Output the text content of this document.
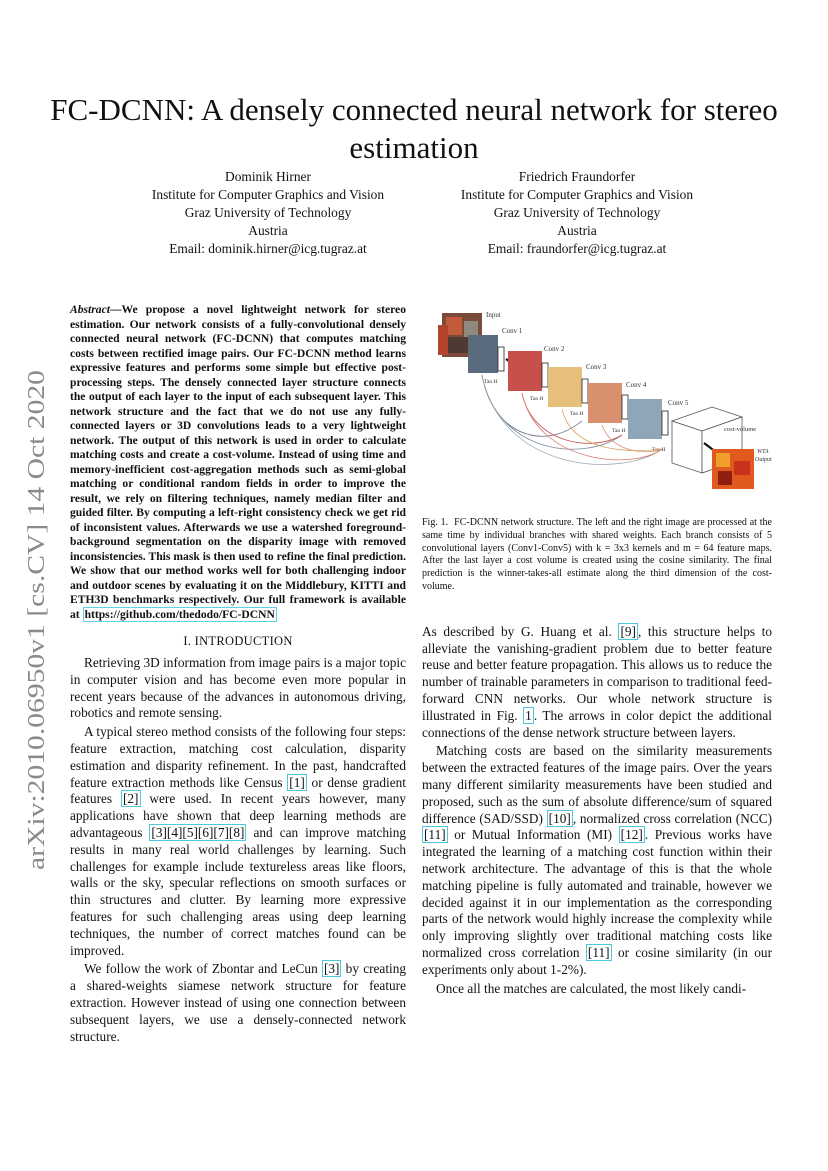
FC-DCNN: A densely connected neural network for stereo estimation
Dominik Hirner
Institute for Computer Graphics and Vision
Graz University of Technology
Austria
Email: dominik.hirner@icg.tugraz.at
Friedrich Fraundorfer
Institute for Computer Graphics and Vision
Graz University of Technology
Austria
Email: fraundorfer@icg.tugraz.at
arXiv:2010.06950v1 [cs.CV] 14 Oct 2020
Abstract—We propose a novel lightweight network for stereo estimation. Our network consists of a fully-convolutional densely connected neural network (FC-DCNN) that computes matching costs between rectified image pairs. Our FC-DCNN method learns expressive features and performs some simple but effective post-processing steps. The densely connected layer structure connects the output of each layer to the input of each subsequent layer. This network structure and the fact that we do not use any fully-connected layers or 3D convolutions leads to a very lightweight network. The output of this network is used in order to calculate matching costs and create a cost-volume. Instead of using time and memory-inefficient cost-aggregation methods such as semi-global matching or conditional random fields in order to improve the result, we rely on filtering techniques, namely median filter and guided filter. By computing a left-right consistency check we get rid of inconsistent values. Afterwards we use a watershed foreground-background segmentation on the disparity image with removed inconsistencies. This mask is then used to refine the final prediction. We show that our method works well for both challenging indoor and outdoor scenes by evaluating it on the Middlebury, KITTI and ETH3D benchmarks respectively. Our full framework is available at https://github.com/thedodo/FC-DCNN
I. INTRODUCTION

Retrieving 3D information from image pairs is a major topic in computer vision and has become even more popular in recent years because of the advances in autonomous driving, robotics and remote sensing.

A typical stereo method consists of the following four steps: feature extraction, matching cost calculation, disparity estimation and disparity refinement. In the past, handcrafted feature extraction methods like Census [1] or dense gradient features [2] were used. In recent years however, many applications have shown that deep learning methods are advantageous [3][4][5][6][7][8] and can improve matching results in many real world challenges by learning. Such challenges for example include textureless areas like floors, walls or the sky, specular reflections on smooth surfaces or thin structures and clutter. By learning more expressive features for such challenging areas using deep learning techniques, the number of correct matches found can be improved.

We follow the work of Zbontar and LeCun [3] by creating a shared-weights siamese network structure for feature extraction. However instead of using one connection between subsequent layers, we use a densely-connected network structure.

Input
Conv 1
Tan H
Conv 2
Tan H
Conv 3
Tan H
Conv 4
Tan H
Conv 5
Tan H
cost-volume
WTA
Output
Fig. 1. FC-DCNN network structure. The left and the right image are processed at the same time by individual branches with shared weights. Each branch consists of 5 convolutional layers (Conv1-Conv5) with k = 3x3 kernels and m = 64 feature maps. After the last layer a cost volume is created using the cosine similarity. The final prediction is the winner-takes-all estimate along the third dimension of the cost-volume.

As described by G. Huang et al. [9] , this structure helps to alleviate the vanishing-gradient problem due to better feature reuse and better feature propagation. This allows us to reduce the number of trainable parameters in comparison to traditional feed-forward CNN networks. Our whole network structure is illustrated in Fig. 1 . The arrows in color depict the additional connections of the dense network structure between layers.

Matching costs are based on the similarity measurements between the extracted features of the image pairs. Over the years many different similarity measurements have been studied and proposed, such as the sum of absolute difference/sum of squared difference (SAD/SSD) [10] , normalized cross correlation (NCC) [11] or Mutual Information (MI) [12] . Previous works have integrated the learning of a matching cost function within their network architecture. The advantage of this is that the whole matching pipeline is fully automated and trainable, however we decided against it in our implementation as the corresponding parts of the network would highly increase the complexity while only improving slightly over traditional matching costs like normalized cross correlation [11] or cosine similarity (in our experiments only about 1-2%).

Once all the matches are calculated, the most likely candi-
